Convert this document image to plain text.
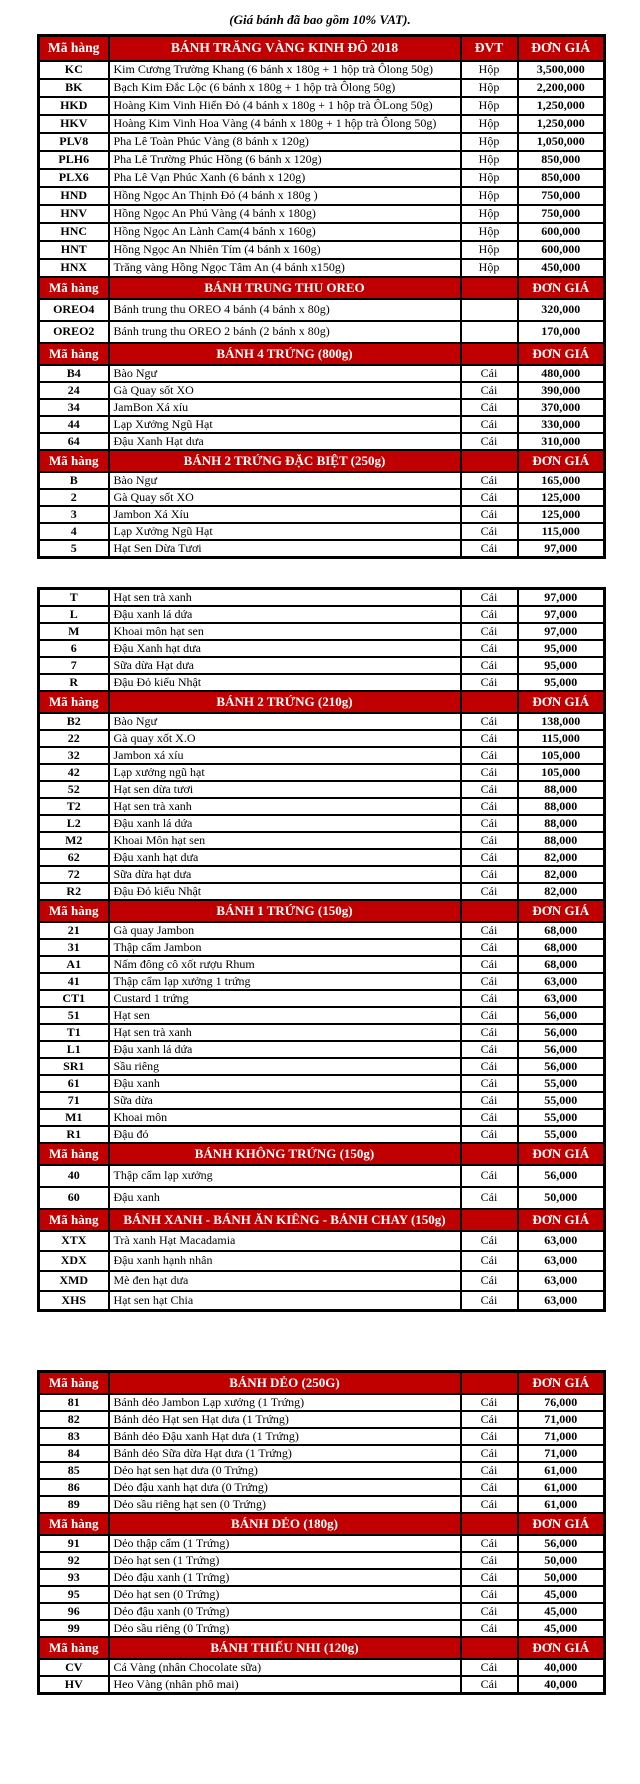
(Giá bánh đã bao gồm 10% VAT).
Mã hàng	BÁNH TRĂNG VÀNG KINH ĐÔ 2018	ĐVT	ĐƠN GIÁ
KC	Kim Cương Trường Khang (6 bánh x 180g + 1 hộp trà Ôlong 50g)	Hộp	3,500,000
BK	Bạch Kim Đắc Lộc (6 bánh x 180g + 1 hộp trà Ôlong 50g)	Hộp	2,200,000
HKD	Hoàng Kim Vinh Hiển Đỏ (4 bánh x 180g + 1 hộp trà ÔLong 50g)	Hộp	1,250,000
HKV	Hoàng Kim Vinh Hoa Vàng (4 bánh x 180g + 1 hộp trà Ôlong 50g)	Hộp	1,250,000
PLV8	Pha Lê Toàn Phúc Vàng (8 bánh x 120g)	Hộp	1,050,000
PLH6	Pha Lê Trường Phúc Hồng (6 bánh x 120g)	Hộp	850,000
PLX6	Pha Lê Vạn Phúc Xanh (6 bánh x 120g)	Hộp	850,000
HND	Hồng Ngọc An Thịnh Đỏ (4 bánh x 180g )	Hộp	750,000
HNV	Hồng Ngọc An Phú Vàng (4 bánh x 180g)	Hộp	750,000
HNC	Hồng Ngọc An Lành Cam(4 bánh x 160g)	Hộp	600,000
HNT	Hồng Ngọc An Nhiên Tím (4 bánh x 160g)	Hộp	600,000
HNX	Trăng vàng Hồng Ngọc Tâm An (4 bánh x150g)	Hộp	450,000
Mã hàng	BÁNH TRUNG THU OREO		ĐƠN GIÁ
OREO4	Bánh trung thu OREO 4 bánh (4 bánh x 80g)		320,000
OREO2	Bánh trung thu OREO 2 bánh (2 bánh x 80g)		170,000
Mã hàng	BÁNH 4 TRỨNG (800g)		ĐƠN GIÁ
B4	Bào Ngư	Cái	480,000
24	Gà Quay sốt XO	Cái	390,000
34	JamBon Xá xíu	Cái	370,000
44	Lạp Xưởng Ngũ Hạt	Cái	330,000
64	Đậu Xanh Hạt dưa	Cái	310,000
Mã hàng	BÁNH 2 TRỨNG ĐẶC BIỆT (250g)		ĐƠN GIÁ
B	Bào Ngư	Cái	165,000
2	Gà Quay sốt XO	Cái	125,000
3	Jambon Xá Xíu	Cái	125,000
4	Lạp Xưởng Ngũ Hạt	Cái	115,000
5	Hạt Sen Dừa Tươi	Cái	97,000
T	Hạt sen trà xanh	Cái	97,000
L	Đậu xanh lá dứa	Cái	97,000
M	Khoai môn hạt sen	Cái	97,000
6	Đậu Xanh hạt dưa	Cái	95,000
7	Sữa dừa Hạt dưa	Cái	95,000
R	Đậu Đỏ kiểu Nhật	Cái	95,000
Mã hàng	BÁNH 2 TRỨNG (210g)		ĐƠN GIÁ
B2	Bào Ngư	Cái	138,000
22	Gà quay xốt X.O	Cái	115,000
32	Jambon xá xíu	Cái	105,000
42	Lạp xưởng ngũ hạt	Cái	105,000
52	Hạt sen dừa tươi	Cái	88,000
T2	Hạt sen trà xanh	Cái	88,000
L2	Đậu xanh lá dứa	Cái	88,000
M2	Khoai Môn hạt sen	Cái	88,000
62	Đậu xanh hạt dưa	Cái	82,000
72	Sữa dừa hạt dưa	Cái	82,000
R2	Đậu Đỏ kiểu Nhật	Cái	82,000
Mã hàng	BÁNH 1 TRỨNG (150g)		ĐƠN GIÁ
21	Gà quay Jambon	Cái	68,000
31	Thập cẩm Jambon	Cái	68,000
A1	Nấm đông cô xốt rượu Rhum	Cái	68,000
41	Thập cẩm lạp xưởng 1 trứng	Cái	63,000
CT1	Custard 1 trứng	Cái	63,000
51	Hạt sen	Cái	56,000
T1	Hạt sen trà xanh	Cái	56,000
L1	Đậu xanh lá dứa	Cái	56,000
SR1	Sầu riêng	Cái	56,000
61	Đậu xanh	Cái	55,000
71	Sữa dừa	Cái	55,000
M1	Khoai môn	Cái	55,000
R1	Đậu đỏ	Cái	55,000
Mã hàng	BÁNH KHÔNG TRỨNG (150g)		ĐƠN GIÁ
40	Thập cẩm lạp xưởng	Cái	56,000
60	Đậu xanh	Cái	50,000
Mã hàng	BÁNH XANH - BÁNH ĂN KIÊNG - BÁNH CHAY (150g)		ĐƠN GIÁ
XTX	Trà xanh Hạt Macadamia	Cái	63,000
XDX	Đậu xanh hạnh nhân	Cái	63,000
XMD	Mè đen hạt dưa	Cái	63,000
XHS	Hạt sen hạt Chia	Cái	63,000
Mã hàng	BÁNH DẺO (250G)		ĐƠN GIÁ
81	Bánh dẻo Jambon Lạp xưởng (1 Trứng)	Cái	76,000
82	Bánh dẻo Hạt sen Hạt dưa (1 Trứng)	Cái	71,000
83	Bánh dẻo Đậu xanh Hạt dưa (1 Trứng)	Cái	71,000
84	Bánh dẻo Sữa dừa Hạt dưa (1 Trứng)	Cái	71,000
85	Dẻo hạt sen hạt dưa (0 Trứng)	Cái	61,000
86	Dẻo đậu xanh hạt dưa (0 Trứng)	Cái	61,000
89	Dẻo sầu riêng hạt sen (0 Trứng)	Cái	61,000
Mã hàng	BÁNH DẺO (180g)		ĐƠN GIÁ
91	Dẻo thập cẩm (1 Trứng)	Cái	56,000
92	Dẻo hạt sen (1 Trứng)	Cái	50,000
93	Dẻo đậu xanh (1 Trứng)	Cái	50,000
95	Dẻo hạt sen (0 Trứng)	Cái	45,000
96	Dẻo đậu xanh (0 Trứng)	Cái	45,000
99	Dẻo sầu riêng (0 Trứng)	Cái	45,000
Mã hàng	BÁNH THIẾU NHI (120g)		ĐƠN GIÁ
CV	Cá Vàng (nhân Chocolate sữa)	Cái	40,000
HV	Heo Vàng (nhân phô mai)	Cái	40,000
